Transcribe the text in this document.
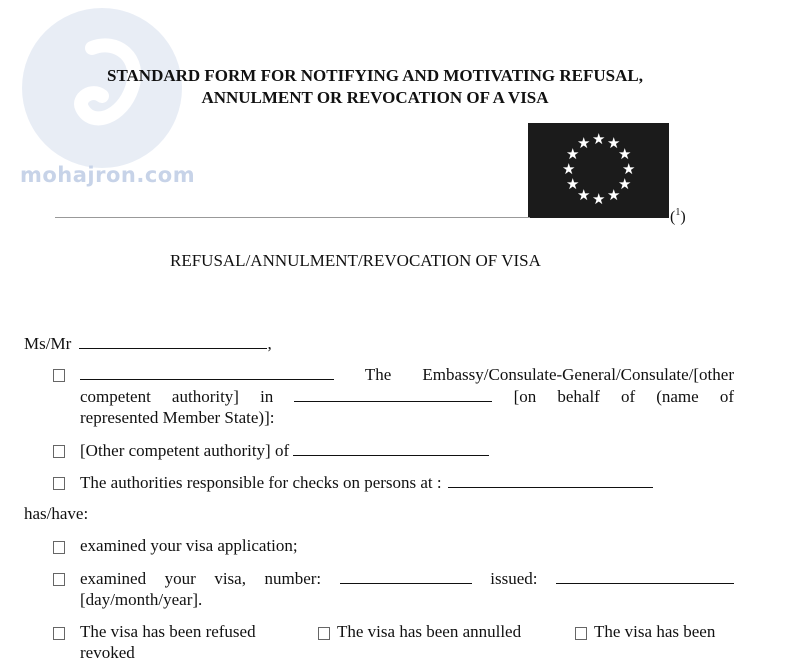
mohajron.com
STANDARD FORM FOR NOTIFYING AND MOTIVATING REFUSAL,
ANNULMENT OR REVOCATION OF A VISA
★ ★
★
★
★
★
★
★
★
★
★
★
($^1$)
REFUSAL/ANNULMENT/REVOCATION OF VISA
Ms/Mr	,
The Embassy/Consulate-General/Consulate/[other
competent authority] in	[on behalf of (name of
represented Member State)]:
[Other competent authority] of
The authorities responsible for checks on persons at :
has/have:
examined your visa application;
examined your visa, number:	issued:
[day/month/year].
The visa has been refused	The visa has been annulled	The visa has been
revoked
